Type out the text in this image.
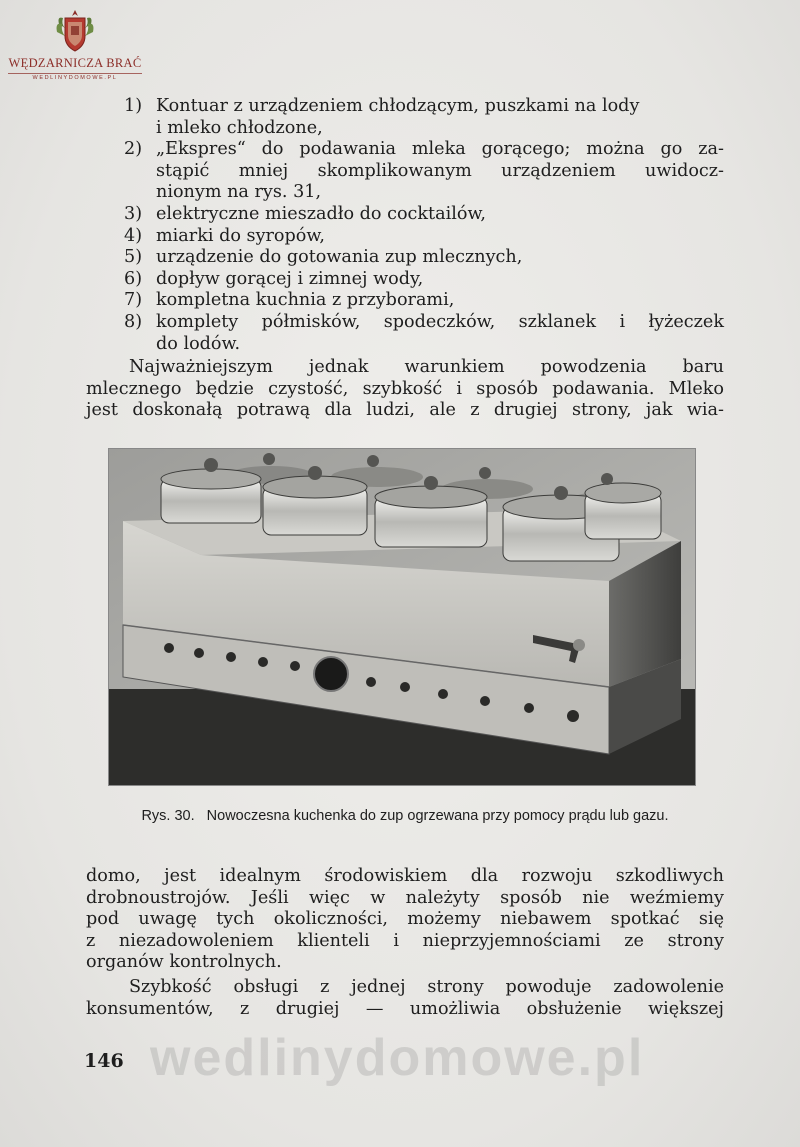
WĘDZARNICZA BRAĆ
WEDLINYDOMOWE.PL
1) Kontuar z urządzeniem chłodzącym, puszkami na lody
i mleko chłodzone,
2) „Ekspres“ do podawania mleka gorącego; można go za-
stąpić mniej skomplikowanym urządzeniem uwidocz-
nionym na rys. 31,
3) elektryczne mieszadło do cocktailów,
4) miarki do syropów,
5) urządzenie do gotowania zup mlecznych,
6) dopływ gorącej i zimnej wody,
7) kompletna kuchnia z przyborami,
8) komplety półmisków, spodeczków, szklanek i łyżeczek
do lodów.

Najważniejszym jednak warunkiem powodzenia baru
mlecznego będzie czystość, szybkość i sposób podawania. Mleko
jest doskonałą potrawą dla ludzi, ale z drugiej strony, jak wia-

Rys. 30. Nowoczesna kuchenka do zup ogrzewana przy pomocy prądu lub gazu.

domo, jest idealnym środowiskiem dla rozwoju szkodliwych
drobnoustrojów. Jeśli więc w należyty sposób nie weźmiemy
pod uwagę tych okoliczności, możemy niebawem spotkać się
z niezadowoleniem klienteli i nieprzyjemnościami ze strony
organów kontrolnych.

Szybkość obsługi z jednej strony powoduje zadowolenie
konsumentów, z drugiej — umożliwia obsłużenie większej

146 wedlinydomowe.pl
